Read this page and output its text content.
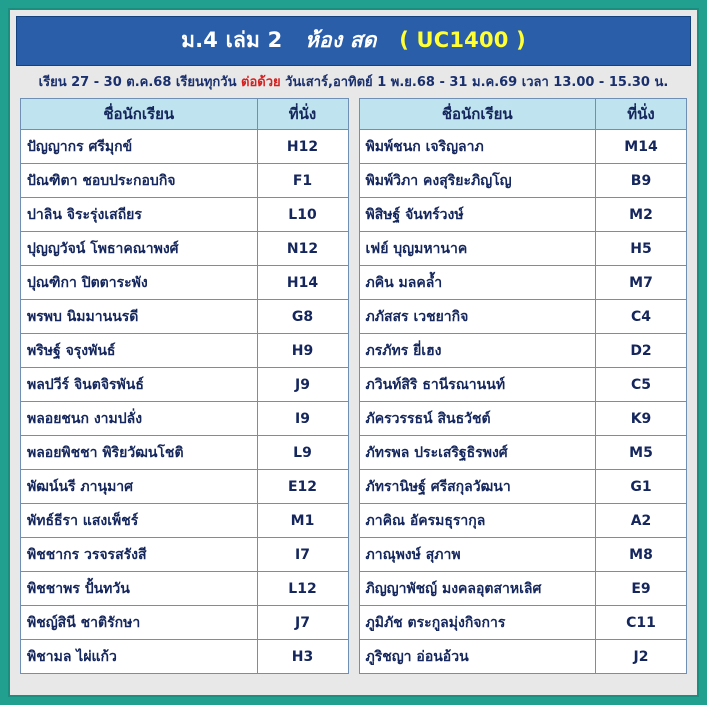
ม.4 เล่ม 2 ห้อง สด ( UC1400 )
เรียน 27 - 30 ต.ค.68 เรียนทุกวัน ต่อด้วย วันเสาร์,อาทิตย์ 1 พ.ย.68 - 31 ม.ค.69 เวลา 13.00 - 15.30 น.
ชื่อนักเรียน	ที่นั่ง
ปัญญากร ศรีมุกข์	H12
ปัณฑิตา ชอบประกอบกิจ	F1
ปาลิน จิระรุ่งเสถียร	L10
ปุญญวัจน์ โพธาคณาพงศ์	N12
ปุณฑิกา ปิตตาระพัง	H14
พรพบ นิมมานนรดี	G8
พริษฐ์ จรุงพันธ์	H9
พลปวีร์ จินตจิรพันธ์	J9
พลอยชนก งามปลั่ง	I9
พลอยพิชชา พิริยวัฒนโชติ	L9
พัฒน์นรี ภานุมาศ	E12
พัทธ์ธีรา แสงเพ็ชร์	M1
พิชชากร วรจรสรังสี	I7
พิชชาพร ปั้นทวัน	L12
พิชญ์สินี ชาติรักษา	J7
พิชามล ไผ่แก้ว	H3
ชื่อนักเรียน	ที่นั่ง
พิมพ์ชนก เจริญลาภ	M14
พิมพ์วิภา คงสุริยะภิญโญ	B9
พิสิษฐ์ จันทร์วงษ์	M2
เฟย์ บุญมหานาค	H5
ภคิน มลคล้ำ	M7
ภภัสสร เวชยากิจ	C4
ภรภัทร ยี่เฮง	D2
ภวินท์สิริ ธานีรณานนท์	C5
ภัครวรรธน์ สินธวัชต์	K9
ภัทรพล ประเสริฐธิรพงศ์	M5
ภัทรานิษฐ์ ศรีสกุลวัฒนา	G1
ภาคิณ อัครมธุรากุล	A2
ภาณุพงษ์ สุภาพ	M8
ภิญญาพัชญ์ มงคลอุตสาหเลิศ	E9
ภูมิภัช ตระกูลมุ่งกิจการ	C11
ภูริชญา อ่อนอ้วน	J2
